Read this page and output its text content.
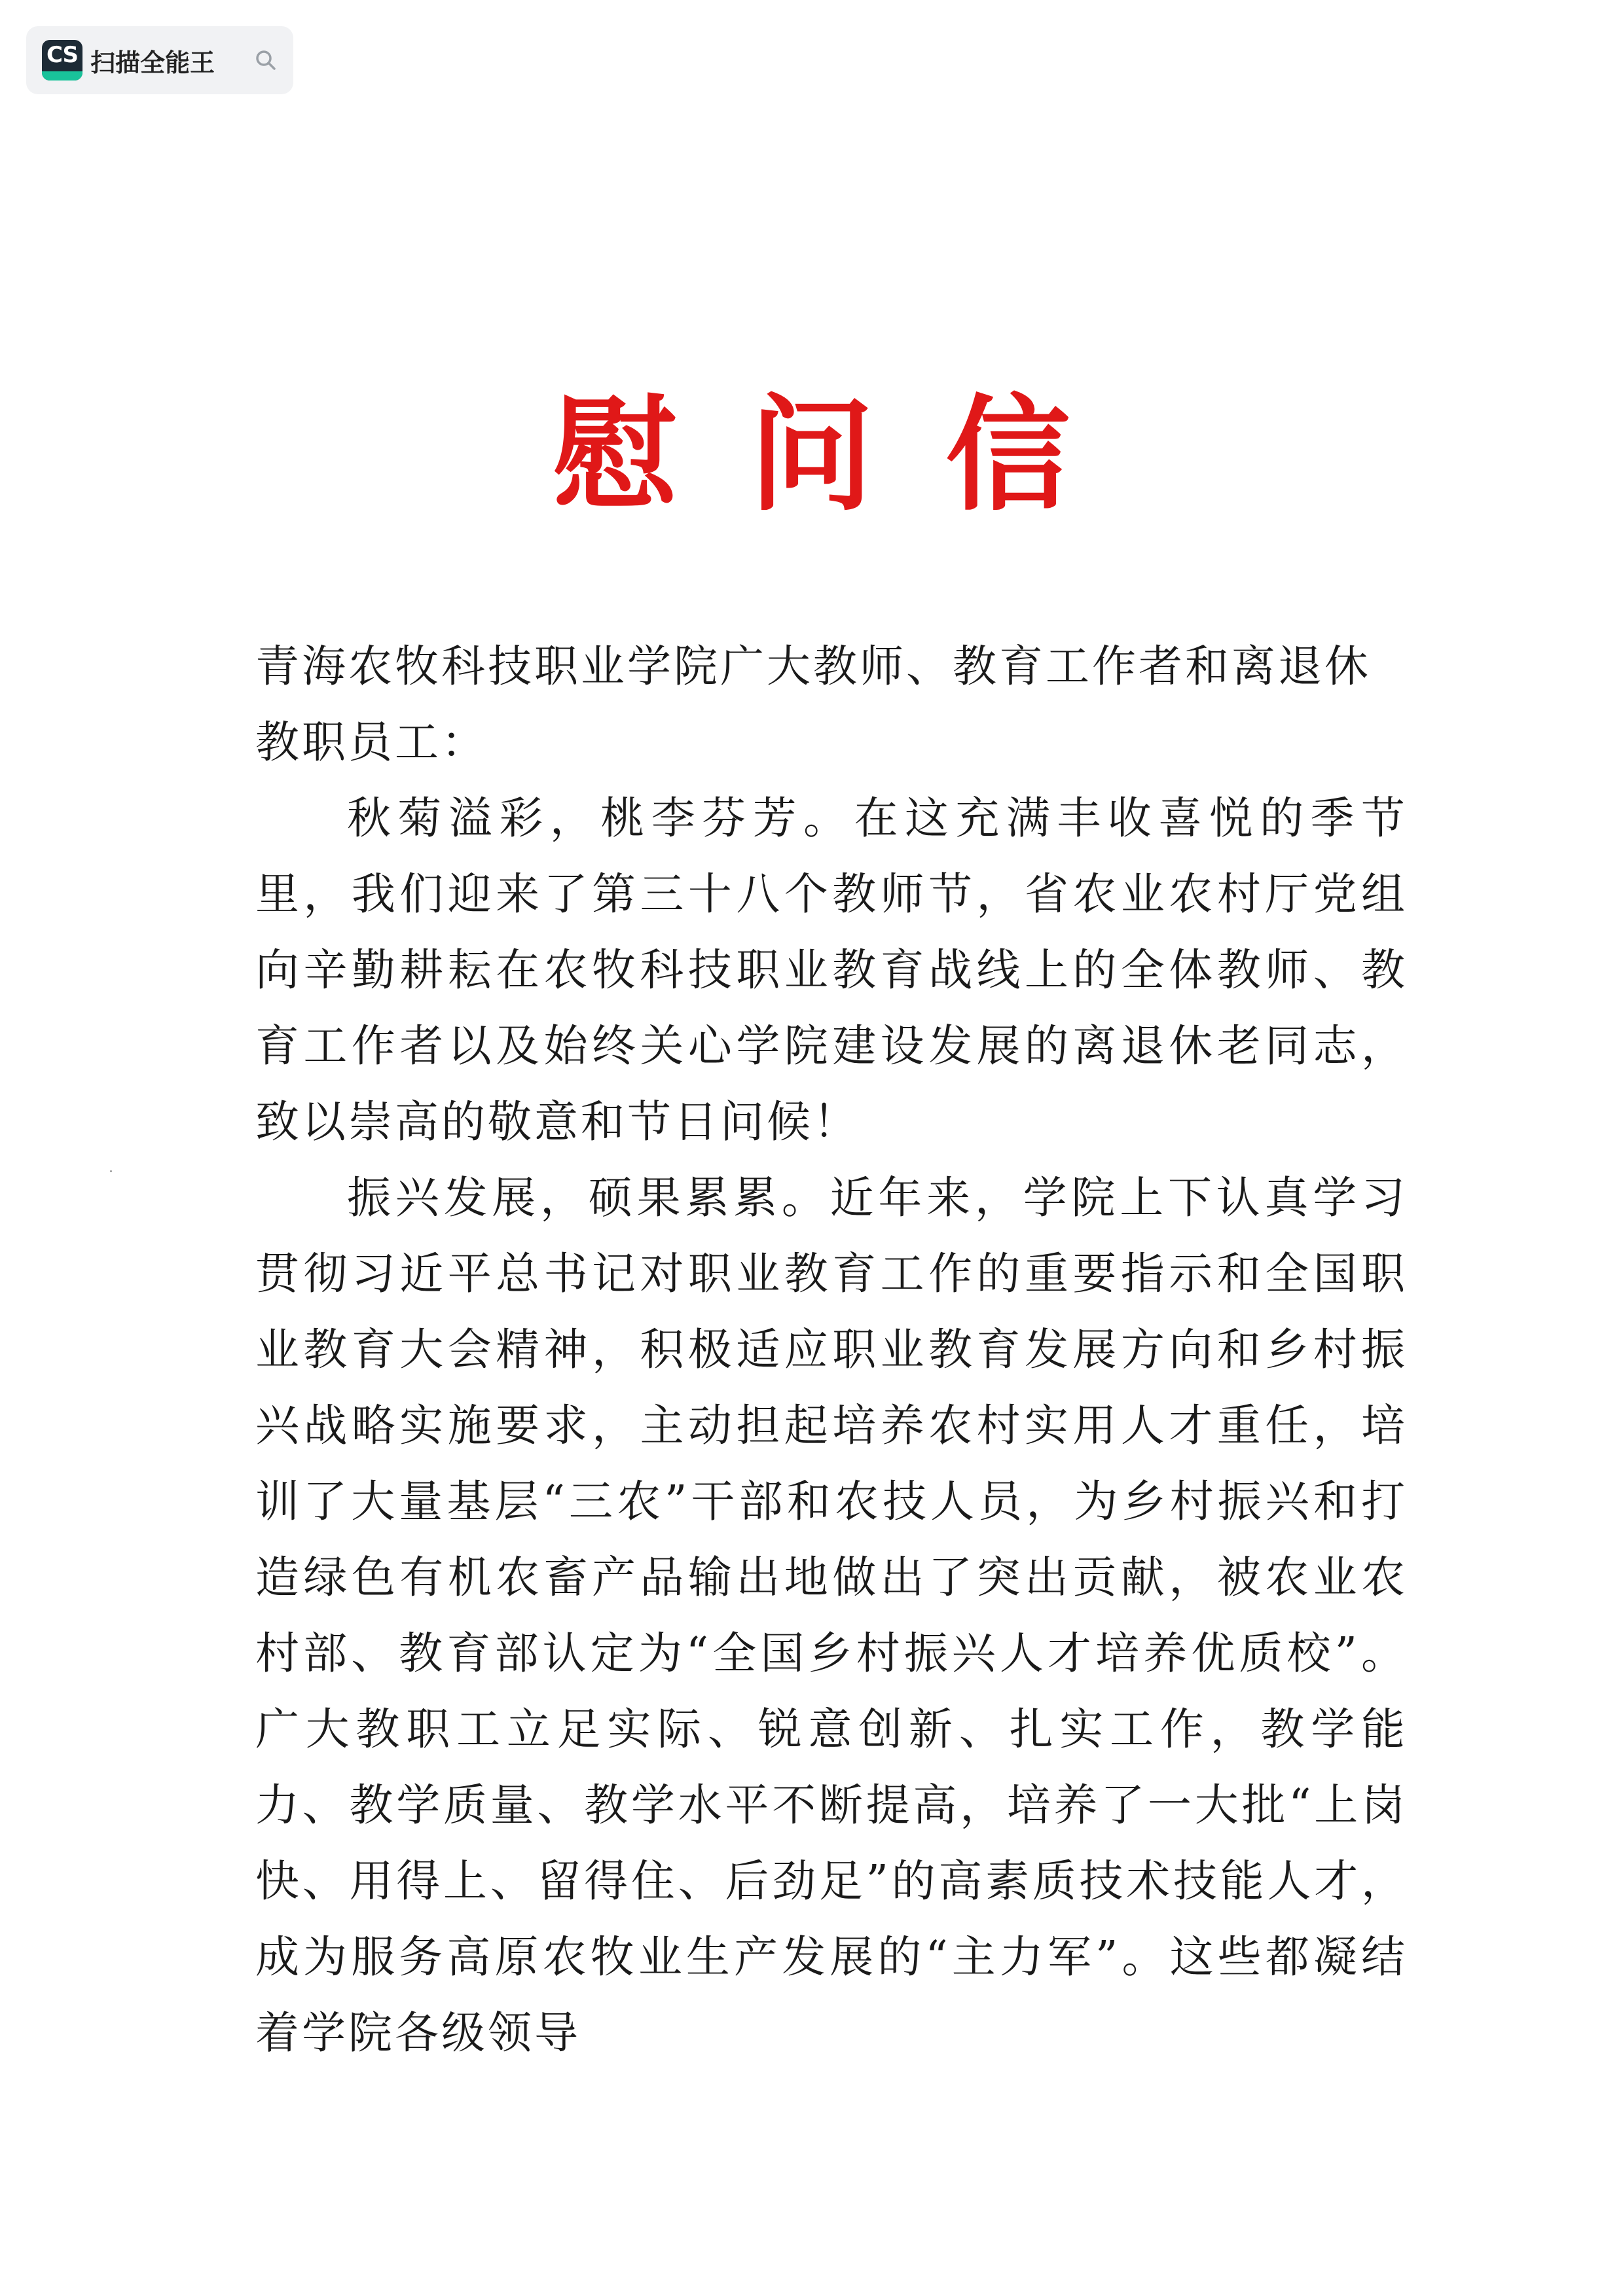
CS 扫描全能王
慰问信

青海农牧科技职业学院广大教师、教育工作者和离退休教职员工：

秋菊溢彩，桃李芬芳。在这充满丰收喜悦的季节里，我们迎来了第三十八个教师节，省农业农村厅党组向辛勤耕耘在农牧科技职业教育战线上的全体教师、教育工作者以及始终关心学院建设发展的离退休老同志，致以崇高的敬意和节日问候！

振兴发展，硕果累累。近年来，学院上下认真学习贯彻习近平总书记对职业教育工作的重要指示和全国职业教育大会精神，积极适应职业教育发展方向和乡村振兴战略实施要求，主动担起培养农村实用人才重任，培训了大量基层“三农”干部和农技人员，为乡村振兴和打造绿色有机农畜产品输出地做出了突出贡献，被农业农村部、教育部认定为“全国乡村振兴人才培养优质校”。广大教职工立足实际、锐意创新、扎实工作，教学能力、教学质量、教学水平不断提高，培养了一大批“上岗快、用得上、留得住、后劲足”的高素质技术技能人才，成为服务高原农牧业生产发展的“主力军”。这些都凝结着学院各级领导
